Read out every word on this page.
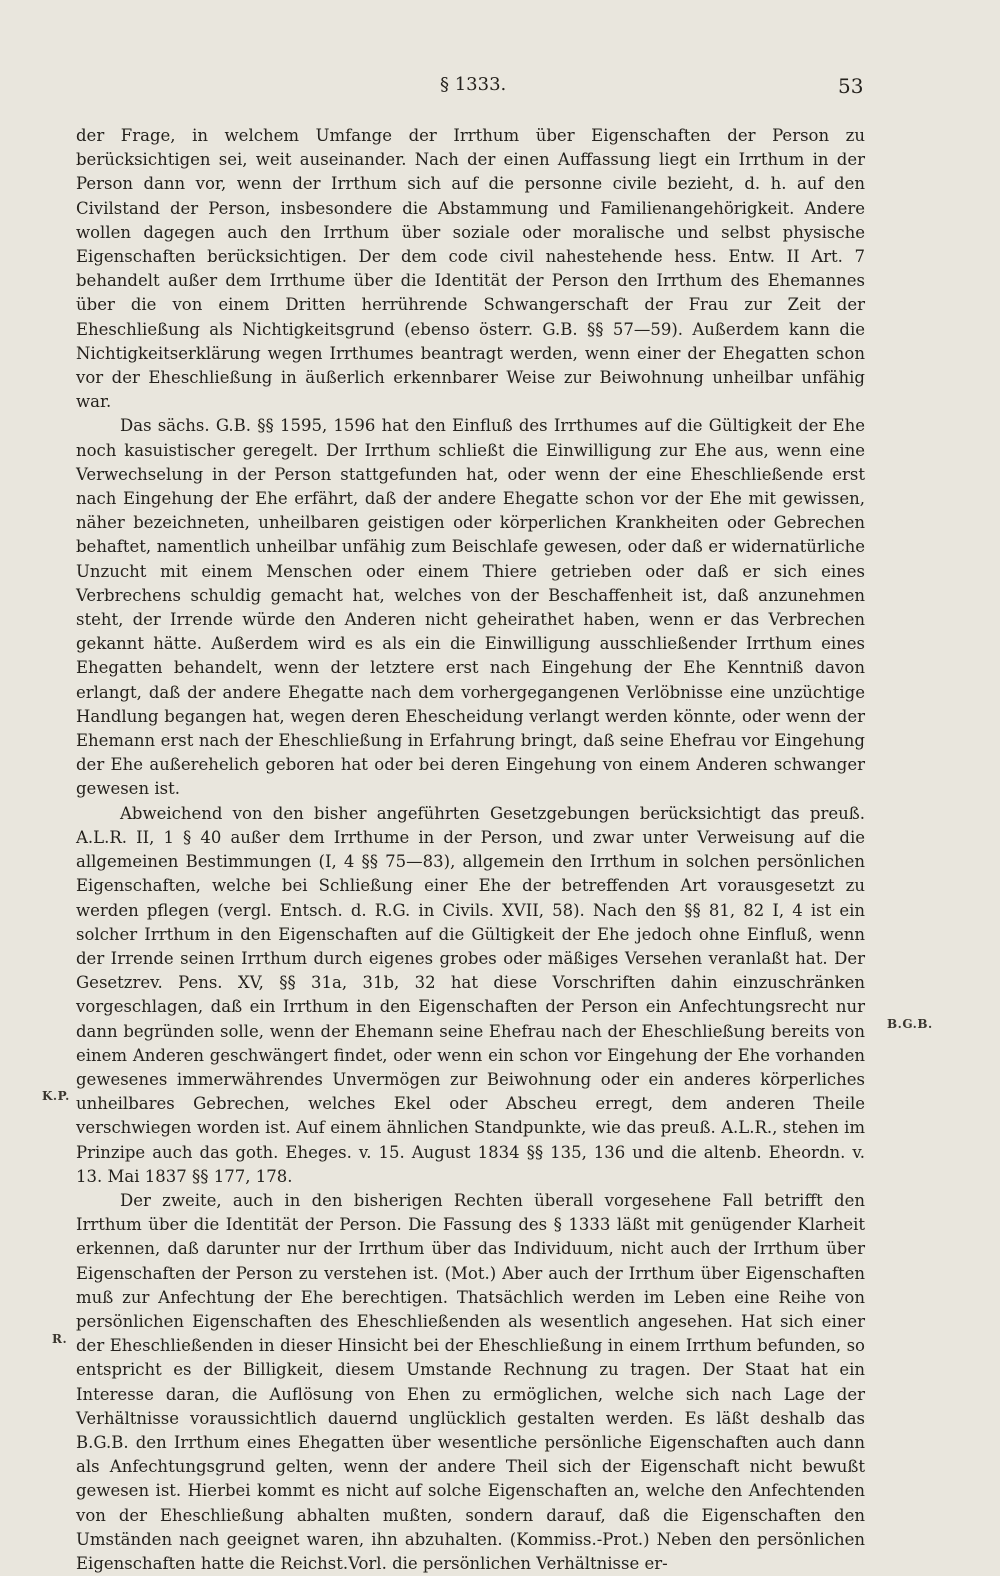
§ 1333.	53

der Frage, in welchem Umfange der Irrthum über Eigenschaften der Person zu berücksichtigen sei, weit auseinander. Nach der einen Auffassung liegt ein Irrthum in der Person dann vor, wenn der Irrthum sich auf die personne civile bezieht, d. h. auf den Civilstand der Person, insbesondere die Abstammung und Familienangehörigkeit. Andere wollen dagegen auch den Irrthum über soziale oder moralische und selbst physische Eigenschaften berücksichtigen. Der dem code civil nahestehende hess. Entw. II Art. 7 behandelt außer dem Irrthume über die Identität der Person den Irrthum des Ehemannes über die von einem Dritten herrührende Schwangerschaft der Frau zur Zeit der Eheschließung als Nichtigkeitsgrund (ebenso österr. G.B. §§ 57—59). Außerdem kann die Nichtigkeitserklärung wegen Irrthumes beantragt werden, wenn einer der Ehegatten schon vor der Eheschließung in äußerlich erkennbarer Weise zur Beiwohnung unheilbar unfähig war.

Das sächs. G.B. §§ 1595, 1596 hat den Einfluß des Irrthumes auf die Gültigkeit der Ehe noch kasuistischer geregelt. Der Irrthum schließt die Einwilligung zur Ehe aus, wenn eine Verwechselung in der Person stattgefunden hat, oder wenn der eine Eheschließende erst nach Eingehung der Ehe erfährt, daß der andere Ehegatte schon vor der Ehe mit gewissen, näher bezeichneten, unheilbaren geistigen oder körperlichen Krankheiten oder Gebrechen behaftet, namentlich unheilbar unfähig zum Beischlafe gewesen, oder daß er widernatürliche Unzucht mit einem Menschen oder einem Thiere getrieben oder daß er sich eines Verbrechens schuldig gemacht hat, welches von der Beschaffenheit ist, daß anzunehmen steht, der Irrende würde den Anderen nicht geheirathet haben, wenn er das Verbrechen gekannt hätte. Außerdem wird es als ein die Einwilligung ausschließender Irrthum eines Ehegatten behandelt, wenn der letztere erst nach Eingehung der Ehe Kenntniß davon erlangt, daß der andere Ehegatte nach dem vorhergegangenen Verlöbnisse eine unzüchtige Handlung begangen hat, wegen deren Ehescheidung verlangt werden könnte, oder wenn der Ehemann erst nach der Eheschließung in Erfahrung bringt, daß seine Ehefrau vor Eingehung der Ehe außerehelich geboren hat oder bei deren Eingehung von einem Anderen schwanger gewesen ist.

Abweichend von den bisher angeführten Gesetzgebungen berücksichtigt das preuß. A.L.R. II, 1 § 40 außer dem Irrthume in der Person, und zwar unter Verweisung auf die allgemeinen Bestimmungen (I, 4 §§ 75—83), allgemein den Irrthum in solchen persönlichen Eigenschaften, welche bei Schließung einer Ehe der betreffenden Art vorausgesetzt zu werden pflegen (vergl. Entsch. d. R.G. in Civils. XVII, 58). Nach den §§ 81, 82 I, 4 ist ein solcher Irrthum in den Eigenschaften auf die Gültigkeit der Ehe jedoch ohne Einfluß, wenn der Irrende seinen Irrthum durch eigenes grobes oder mäßiges Versehen veranlaßt hat. Der Gesetzrev. Pens. XV, §§ 31a, 31b, 32 hat diese Vorschriften dahin einzuschränken vorgeschlagen, daß ein Irrthum in den Eigenschaften der Person ein Anfechtungsrecht nur dann begründen solle, wenn der Ehemann seine Ehefrau nach der Eheschließung bereits von einem Anderen geschwängert findet, oder wenn ein schon vor Eingehung der Ehe vorhanden gewesenes immerwährendes Unvermögen zur Beiwohnung oder ein anderes körperliches unheilbares Gebrechen, welches Ekel oder Abscheu erregt, dem anderen Theile verschwiegen worden ist. Auf einem ähnlichen Standpunkte, wie das preuß. A.L.R., stehen im Prinzipe auch das goth. Eheges. v. 15. August 1834 §§ 135, 136 und die altenb. Eheordn. v. 13. Mai 1837 §§ 177, 178.

Der zweite, auch in den bisherigen Rechten überall vorgesehene Fall betrifft den Irrthum über die Identität der Person. Die Fassung des § 1333 läßt mit genügender Klarheit erkennen, daß darunter nur der Irrthum über das Individuum, nicht auch der Irrthum über Eigenschaften der Person zu verstehen ist. (Mot.) Aber auch der Irrthum über Eigenschaften muß zur Anfechtung der Ehe berechtigen. Thatsächlich werden im Leben eine Reihe von persönlichen Eigenschaften des Eheschließenden als wesentlich angesehen. Hat sich einer der Eheschließenden in dieser Hinsicht bei der Eheschließung in einem Irrthum befunden, so entspricht es der Billigkeit, diesem Umstande Rechnung zu tragen. Der Staat hat ein Interesse daran, die Auflösung von Ehen zu ermöglichen, welche sich nach Lage der Verhältnisse voraussichtlich dauernd unglücklich gestalten werden. Es läßt deshalb das B.G.B. den Irrthum eines Ehegatten über wesentliche persönliche Eigenschaften auch dann als Anfechtungsgrund gelten, wenn der andere Theil sich der Eigenschaft nicht bewußt gewesen ist. Hierbei kommt es nicht auf solche Eigenschaften an, welche den Anfechtenden von der Eheschließung abhalten mußten, sondern darauf, daß die Eigenschaften den Umständen nach geeignet waren, ihn abzuhalten. (Kommiss.-Prot.) Neben den persönlichen Eigenschaften hatte die Reichst.Vorl. die persönlichen Verhältnisse er-

B.G.B.
K.P.
R.
